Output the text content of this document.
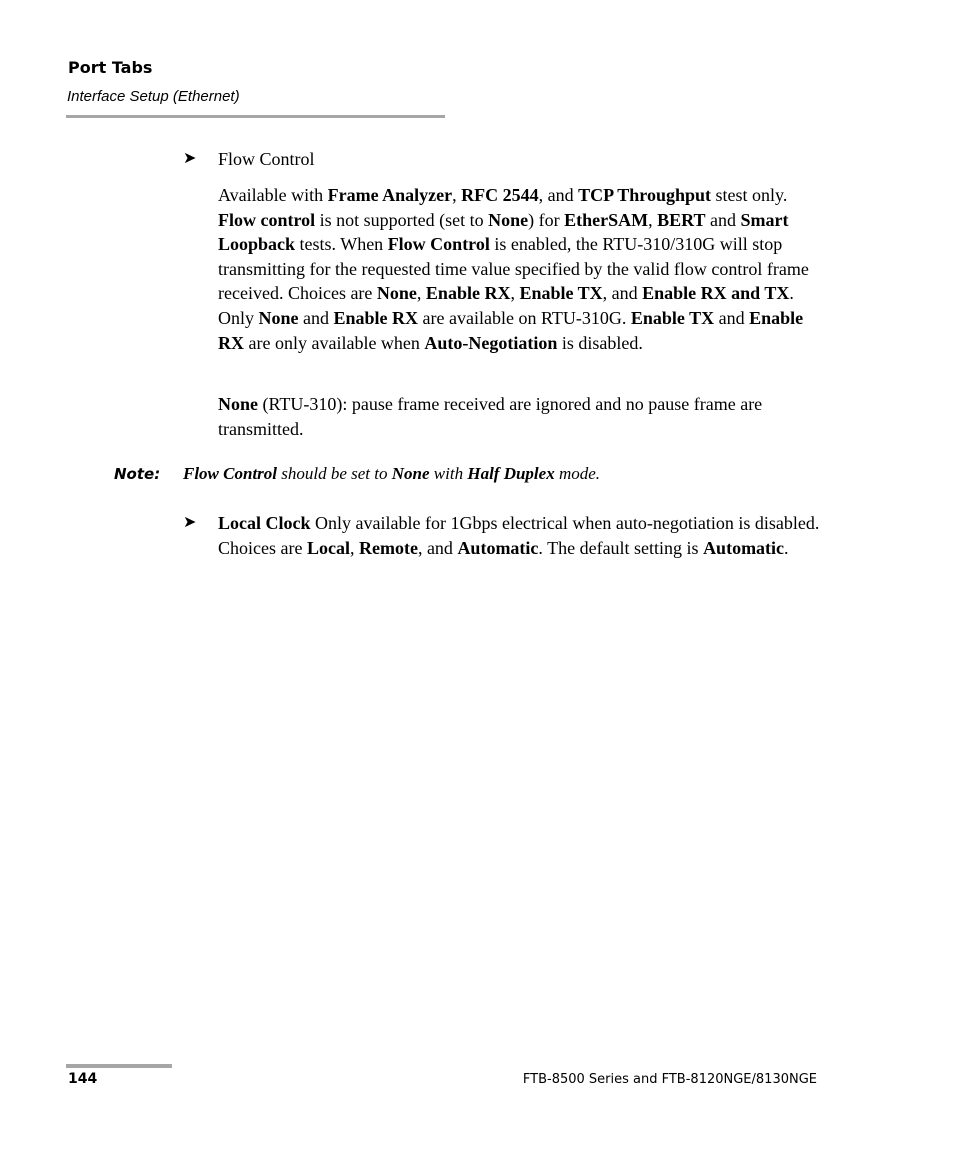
Port Tabs
Interface Setup (Ethernet)
➤ Flow Control
Available with Frame Analyzer, RFC 2544, and TCP Throughput stest only. Flow control is not supported (set to None) for EtherSAM, BERT and Smart Loopback tests. When Flow Control is enabled, the RTU-310/310G will stop transmitting for the requested time value specified by the valid flow control frame received. Choices are None, Enable RX, Enable TX, and Enable RX and TX. Only None and Enable RX are available on RTU-310G. Enable TX and Enable RX are only available when Auto-Negotiation is disabled.
None (RTU-310): pause frame received are ignored and no pause frame are transmitted.
Note: Flow Control should be set to None with Half Duplex mode.
➤ Local Clock Only available for 1Gbps electrical when auto-negotiation is disabled. Choices are Local, Remote, and Automatic. The default setting is Automatic.
144	FTB-8500 Series and FTB-8120NGE/8130NGE
